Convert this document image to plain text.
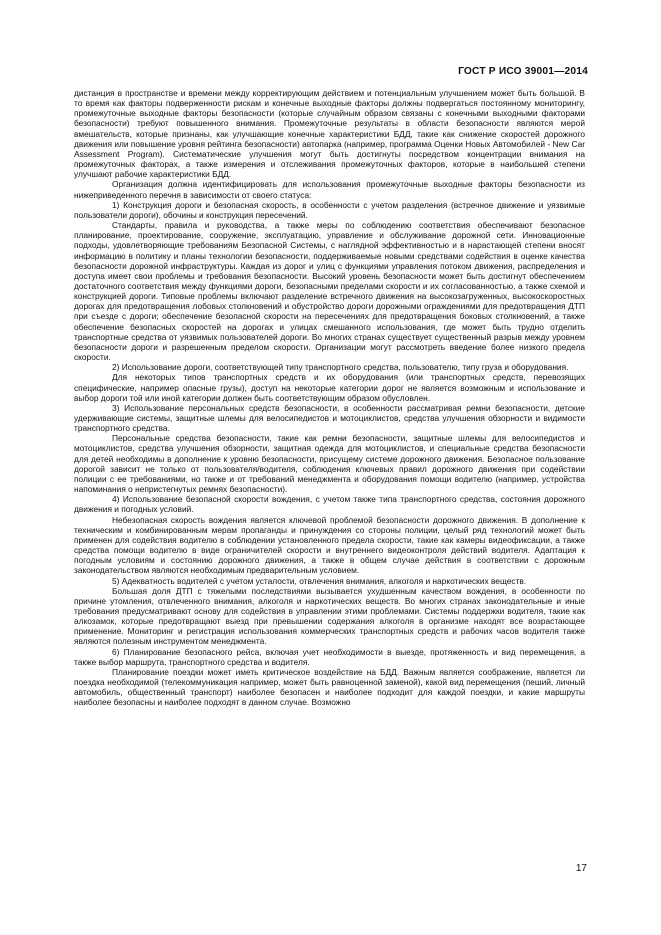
ГОСТ Р ИСО 39001—2014

дистанция в пространстве и времени между корректирующим действием и потенциальным улучшением может быть большой. В то время как факторы подверженности рискам и конечные выходные факторы должны подвергаться постоянному мониторингу, промежуточные выходные факторы безопасности (которые случайным образом связаны с конечными выходными факторами безопасности) требуют повышенного внимания. Промежуточные результаты в области безопасности являются мерой вмешательств, которые признаны, как улучшающие конечные характеристики БДД, такие как снижение скоростей дорожного движения или повышение уровня рейтинга безопасности) автопарка (например, программа Оценки Новых Автомобилей - New Car Assessment Program). Систематические улучшения могут быть достигнуты посредством концентрации внимания на промежуточных факторах, а также измерения и отслеживания промежуточных факторов, которые в наибольшей степени улучшают рабочие характеристики БДД.

Организация должна идентифицировать для использования промежуточные выходные факторы безопасности из нижеприведенного перечня в зависимости от своего статуса:

1) Конструкция дороги и безопасная скорость, в особенности с учетом разделения (встречное движение и уязвимые пользователи дороги), обочины и конструкция пересечений.

Стандарты, правила и руководства, а также меры по соблюдению соответствия обеспечивают безопасное планирование, проектирование, сооружение, эксплуатацию, управление и обслуживание дорожной сети. Инновационные подходы, удовлетворяющие требованиям Безопасной Системы, с наглядной эффективностью и в нарастающей степени вносят информацию в политику и планы технологии безопасности, поддерживаемые новыми средствами содействия в оценке качества безопасности дорожной инфраструктуры. Каждая из дорог и улиц с функциями управления потоком движения, распределения и доступа имеет свои проблемы и требования безопасности. Высокий уровень безопасности может быть достигнут обеспечением достаточного соответствия между функциями дороги, безопасными пределами скорости и их согласованностью, а также схемой и конструкцией дороги. Типовые проблемы включают разделение встречного движения на высокозагруженных, высокоскоростных дорогах для предотвращения лобовых столкновений и обустройство дороги дорожными ограждениями для предотвращения ДТП при съезде с дороги; обеспечение безопасной скорости на пересечениях для предотвращения боковых столкновений, а также обеспечение безопасных скоростей на дорогах и улицах смешанного использования, где может быть трудно отделить транспортные средства от уязвимых пользователей дороги. Во многих странах существует существенный разрыв между уровнем безопасности дороги и разрешенным пределом скорости. Организации могут рассмотреть введение более низкого предела скорости.

2) Использование дороги, соответствующей типу транспортного средства, пользователю, типу груза и оборудования.

Для некоторых типов транспортных средств и их оборудования (или транспортных средств, перевозящих специфические, например опасные грузы), доступ на некоторые категории дорог не является возможным и использование и выбор дороги той или иной категории должен быть соответствующим образом обусловлен.

3) Использование персональных средств безопасности, в особенности рассматривая ремни безопасности, детские удерживающие системы, защитные шлемы для велосипедистов и мотоциклистов, средства улучшения обзорности и видимости транспортного средства.

Персональные средства безопасности, такие как ремни безопасности, защитные шлемы для велосипедистов и мотоциклистов, средства улучшения обзорности, защитная одежда для мотоциклистов, и специальные средства безопасности для детей необходимы в дополнение к уровню безопасности, присущему системе дорожного движения. Безопасное пользование дорогой зависит не только от пользователя/водителя, соблюдения ключевых правил дорожного движения при содействии полиции с ее требованиями, но также и от требований менеджмента и оборудования помощи водителю (например, устройства напоминания о непристегнутых ремнях безопасности).

4) Использование безопасной скорости вождения, с учетом также типа транспортного средства, состояния дорожного движения и погодных условий.

Небезопасная скорость вождения является ключевой проблемой безопасности дорожного движения. В дополнение к техническим и комбинированным мерам пропаганды и принуждения со стороны полиции, целый ряд технологий может быть применен для содействия водителю в соблюдении установленного предела скорости, такие как камеры видеофиксации, а также средства помощи водителю в виде ограничителей скорости и внутреннего видеоконтроля действий водителя. Адаптация к погодным условиям и состоянию дорожного движения, а также в общем случае действия в соответствии с дорожным законодательством являются необходимым предварительным условием.

5) Адекватность водителей с учетом усталости, отвлечения внимания, алкоголя и наркотических веществ.

Большая доля ДТП с тяжелыми последствиями вызывается ухудшенным качеством вождения, в особенности по причине утомления, отвлеченного внимания, алкоголя и наркотических веществ. Во многих странах законодательные и иные требования предусматривают основу для содействия в управлении этими проблемами. Системы поддержки водителя, такие как алкозамок, которые предотвращают выезд при превышении содержания алкоголя в организме находят все возрастающее применение. Мониторинг и регистрация использования коммерческих транспортных средств и рабочих часов водителя также являются полезным инструментом менеджмента.

6) Планирование безопасного рейса, включая учет необходимости в выезде, протяженность и вид перемещения, а также выбор маршрута, транспортного средства и водителя.

Планирование поездки может иметь критическое воздействие на БДД. Важным является соображение, является ли поездка необходимой (телекоммуникация например, может быть равноценной заменой), какой вид перемещения (пеший, личный автомобиль, общественный транспорт) наиболее безопасен и наиболее подходит для каждой поездки, и какие маршруты наиболее безопасны и наиболее подходят в данном случае. Возможно

17
